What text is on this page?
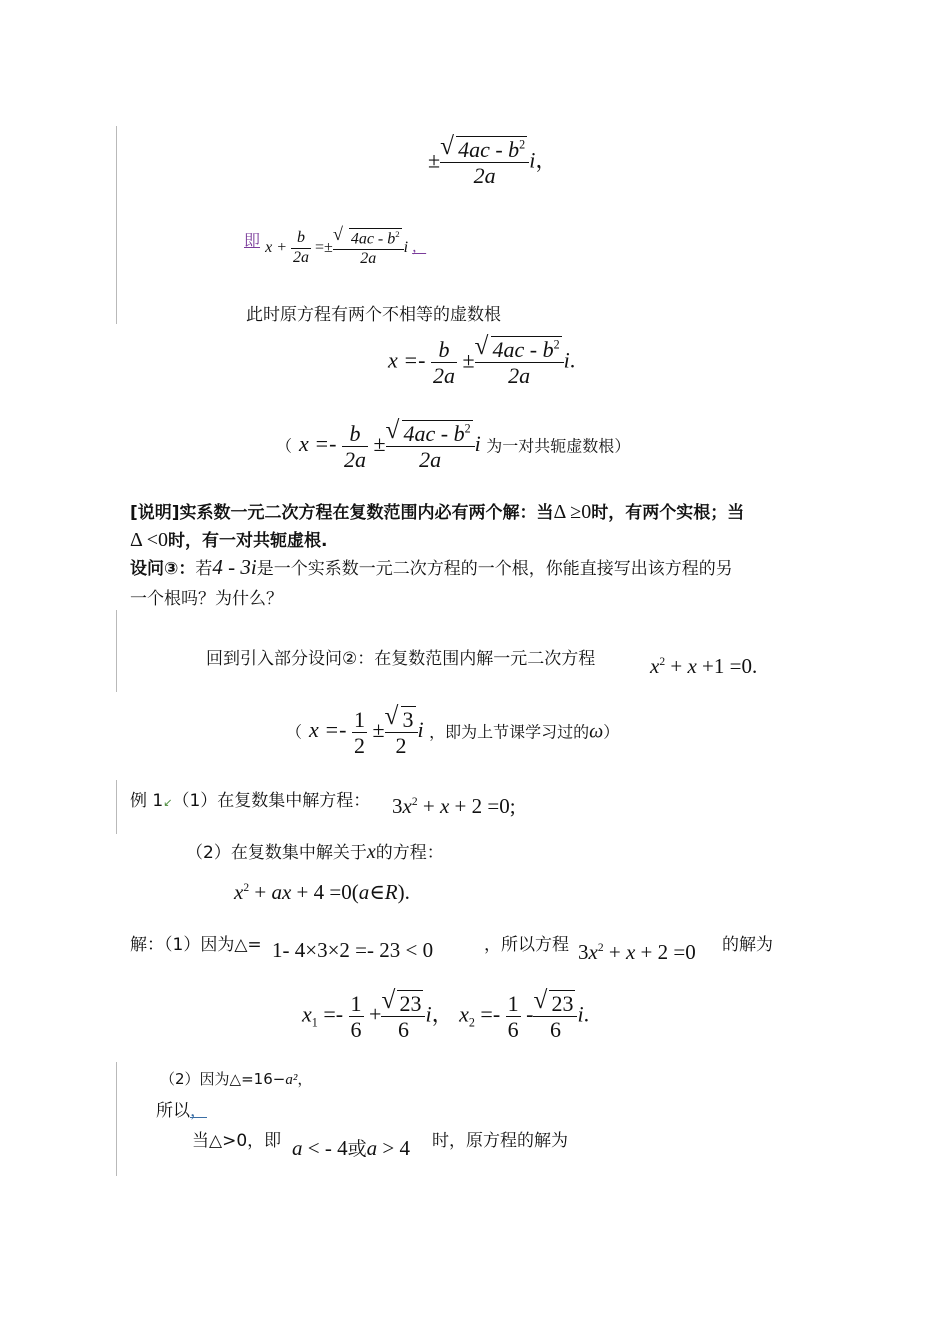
± √ $\frac{4ac - b^2}{2a}$ i，
即 $x + \frac{b}{2a}$ =± √ $\frac{4ac - b^2}{2a}$ i ，
此时原方程有两个不相等的虚数根
$x =- \frac{b}{2a}$ ± √ $\frac{4ac - b^2}{2a} i$.
（ $x =- \frac{b}{2a}$ ± √ $\frac{4ac - b^2}{2a}$ i 为一对共轭虚数根）
[说明]实系数一元二次方程在复数范围内必有两个解：当Δ ≥0时，有两个实根；当
Δ <0时，有一对共轭虚根.
设问③：若4 - 3i是一个实系数一元二次方程的一个根，你能直接写出该方程的另
一个根吗？为什么？
回到引入部分设问②：在复数范围内解一元二次方程	$x^2 + x +1 =0$.
（ $x =- \frac{1}{2}$ ± √ $\frac{3}{2}$ i ，即为上节课学习过的ω）
例 1↙（1）在复数集中解方程： $3x^2 + x + 2 =0$;
（2）在复数集中解关于x的方程：
$x^2$ + ax + 4 =0(a∈R).
解：（1）因为△= 1- 4×3×2 =- 23 < 0	，所以方程 $3x^2 + x + 2 =0$ 的解为
$x_1 =- \frac{1}{6}$ + √ $\frac{23}{6}$ i， $x_2 =- \frac{1}{6}$ - √ $\frac{23}{6} i$.
（2）因为△=16−a²，
所以，
当△>0，即 a < - 4或a > 4 时，原方程的解为
